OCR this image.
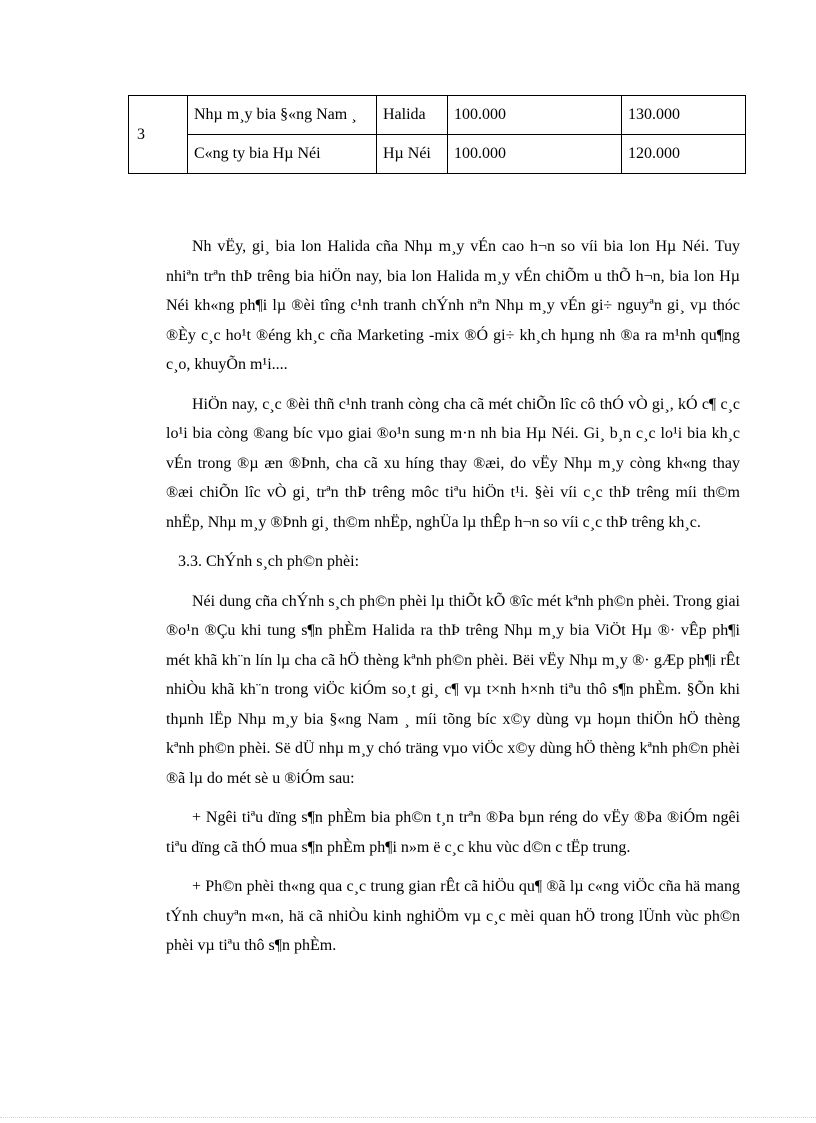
3	Nhµ m¸y bia §«ng Nam ¸	Halida	100.000	130.000
	C«ng ty bia Hµ Néi	Hµ Néi	100.000	120.000

Nh vËy, gi¸ bia lon Halida cña Nhµ m¸y vÉn cao h¬n so víi bia lon Hµ Néi. Tuy nhiªn trªn thÞ trêng bia hiÖn nay, bia lon Halida m¸y vÉn chiÕm u thÕ h¬n, bia lon Hµ Néi kh«ng ph¶i lµ ®èi tîng c¹nh tranh chÝnh nªn Nhµ m¸y vÉn gi÷ nguyªn gi¸ vµ thóc ®Èy c¸c ho¹t ®éng kh¸c cña Marketing -mix ®Ó gi÷ kh¸ch hµng nh ®a ra m¹nh qu¶ng c¸o, khuyÕn m¹i....

HiÖn nay, c¸c ®èi thñ c¹nh tranh còng cha cã mét chiÕn lîc cô thÓ vÒ gi¸, kÓ c¶ c¸c lo¹i bia còng ®ang bíc vµo giai ®o¹n sung m·n nh bia Hµ Néi. Gi¸ b¸n c¸c lo¹i bia kh¸c vÉn trong ®µ æn ®Þnh, cha cã xu híng thay ®æi, do vËy Nhµ m¸y còng kh«ng thay ®æi chiÕn lîc vÒ gi¸ trªn thÞ trêng môc tiªu hiÖn t¹i. §èi víi c¸c thÞ trêng míi th©m nhËp, Nhµ m¸y ®Þnh gi¸ th©m nhËp, nghÜa lµ thÊp h¬n so víi c¸c thÞ trêng kh¸c.

3.3. ChÝnh s¸ch ph©n phèi:

Néi dung cña chÝnh s¸ch ph©n phèi lµ thiÕt kÕ ®îc mét kªnh ph©n phèi. Trong giai ®o¹n ®Çu khi tung s¶n phÈm Halida ra thÞ trêng Nhµ m¸y bia ViÖt Hµ ®· vÊp ph¶i mét khã kh¨n lín lµ cha cã hÖ thèng kªnh ph©n phèi. Bëi vËy Nhµ m¸y ®· gÆp ph¶i rÊt nhiÒu khã kh¨n trong viÖc kiÓm so¸t gi¸ c¶ vµ t×nh h×nh tiªu thô s¶n phÈm. §Õn khi thµnh lËp Nhµ m¸y bia §«ng Nam ¸ míi tõng bíc x©y dùng vµ hoµn thiÖn hÖ thèng kªnh ph©n phèi. Së dÜ nhµ m¸y chó träng vµo viÖc x©y dùng hÖ thèng kªnh ph©n phèi ®ã lµ do mét sè u ®iÓm sau:

+ Ngêi tiªu dïng s¶n phÈm bia ph©n t¸n trªn ®Þa bµn réng do vËy ®Þa ®iÓm ngêi tiªu dïng cã thÓ mua s¶n phÈm ph¶i n»m ë c¸c khu vùc d©n c tËp trung.

+ Ph©n phèi th«ng qua c¸c trung gian rÊt cã hiÖu qu¶ ®ã lµ c«ng viÖc cña hä mang tÝnh chuyªn m«n, hä cã nhiÒu kinh nghiÖm vµ c¸c mèi quan hÖ trong lÜnh vùc ph©n phèi vµ tiªu thô s¶n phÈm.
